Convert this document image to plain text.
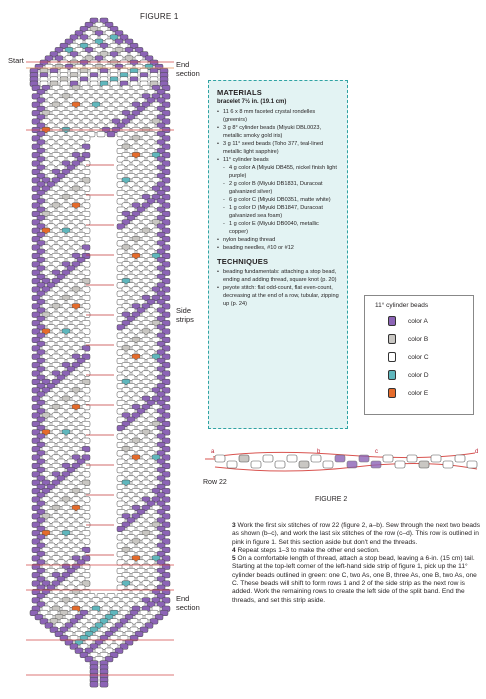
FIGURE 1
Start	End
section
Side
strips
End
section
MATERIALS
bracelet 7½ in. (19.1 cm)
• 11 6 x 8 mm faceted crystal rondelles (greenirs)
• 3 g 8° cylinder beads (Miyuki DBL0023, metallic smoky gold iris)
• 3 g 11° seed beads (Toho 377, teal-lined metallic light sapphire)
• 11° cylinder beads
- 4 g color A (Miyuki DB455, nickel finish light purple)
- 2 g color B (Miyuki DB1831, Duracoat galvanized silver)
- 6 g color C (Miyuki DB0351, matte white)
- 1 g color D (Miyuki DB1847, Duracoat galvanized sea foam)
- 1 g color E (Miyuki DB0040, metallic copper)
• nylon beading thread
• beading needles, #10 or #12
TECHNIQUES
• beading fundamentals: attaching a stop bead, ending and adding thread, square knot (p. 20)
• peyote stitch: flat odd-count, flat even-count, decreasing at the end of a row, tubular, zipping up (p. 24)	11° cylinder beads
color A
color B
color C
color D
color E
a	b	c	d
Row 22
FIGURE 2

3 Work the first six stitches of row 22 (figure 2, a–b). Sew through the next two beads as shown (b–c), and work the last six stitches of the row (c–d). This row is outlined in pink in figure 1. Set this section aside but don't end the threads.

4 Repeat steps 1–3 to make the other end section.

5 On a comfortable length of thread, attach a stop bead, leaving a 6-in. (15 cm) tail. Starting at the top-left corner of the left-hand side strip of figure 1, pick up the 11° cylinder beads outlined in green: one C, two As, one B, three As, one B, two As, one C. These beads will shift to form rows 1 and 2 of the side strip as the next row is added. Work the remaining rows to create the left side of the split band. End the threads, and set this strip aside.
